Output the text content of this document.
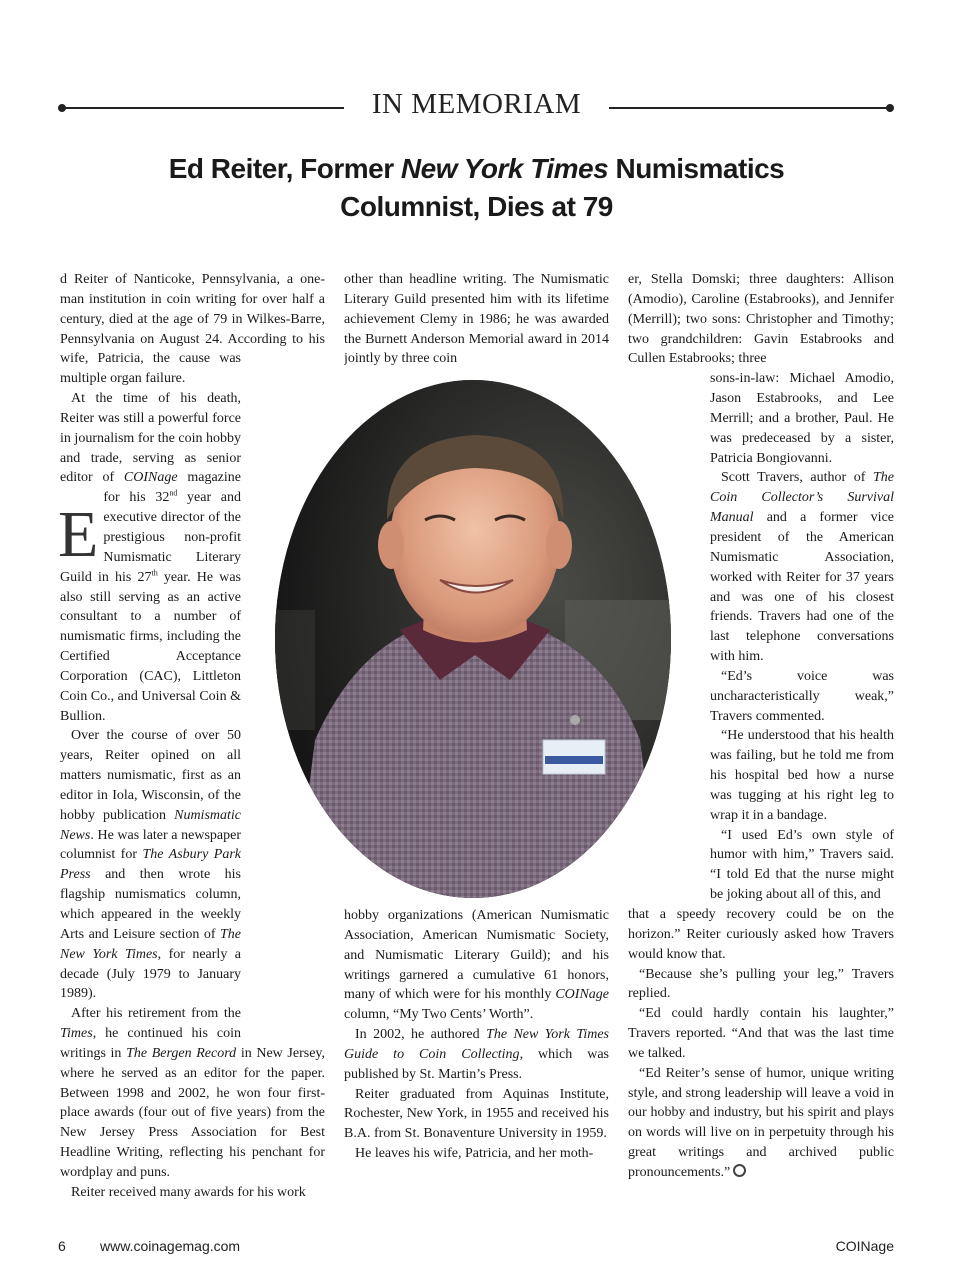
IN MEMORIAM
Ed Reiter, Former New York Times Numismatics
Columnist, Dies at 79

E
d Reiter of Nanticoke, Pennsylvania, a one-man institution in coin writing for over half a century, died at the age of 79 in Wilkes-Barre, Pennsylvania on August 24. According to his wife, Patricia, the cause was multiple organ failure.

At the time of his death, Reiter was still a powerful force in journalism for the coin hobby and trade, serving as senior editor of COINage magazine for his 32nd year and executive director of the prestigious non-profit Numismatic Literary Guild in his 27th year. He was also still serving as an active consultant to a number of numismatic firms, including the Certified Acceptance Corporation (CAC), Littleton Coin Co., and Universal Coin & Bullion.

Over the course of over 50 years, Reiter opined on all matters numismatic, first as an editor in Iola, Wisconsin, of the hobby publication Numismatic News. He was later a newspaper columnist for The Asbury Park Press and then wrote his flagship numismatics column, which appeared in the weekly Arts and Leisure section of The New York Times, for nearly a decade (July 1979 to January 1989).

After his retirement from the Times, he continued his coin writings in The Bergen Record in New Jersey, where he served as an editor for the paper. Between 1998 and 2002, he won four first-place awards (four out of five years) from the New Jersey Press Association for Best Headline Writing, reflecting his penchant for wordplay and puns.

Reiter received many awards for his work

other than headline writing. The Numismatic Literary Guild presented him with its lifetime achievement Clemy in 1986; he was awarded the Burnett Anderson Memorial award in 2014 jointly by three coin

hobby organizations (American Numismatic Association, American Numismatic Society, and Numismatic Literary Guild); and his writings garnered a cumulative 61 honors, many of which were for his monthly COINage column, “My Two Cents’ Worth”.

In 2002, he authored The New York Times Guide to Coin Collecting, which was published by St. Martin’s Press.

Reiter graduated from Aquinas Institute, Rochester, New York, in 1955 and received his B.A. from St. Bonaventure University in 1959.

He leaves his wife, Patricia, and her moth-

er, Stella Domski; three daughters: Allison (Amodio), Caroline (Estabrooks), and Jennifer (Merrill); two sons: Christopher and Timothy; two grandchildren: Gavin Estabrooks and Cullen Estabrooks; three

sons-in-law: Michael Amodio, Jason Estabrooks, and Lee Merrill; and a brother, Paul. He was predeceased by a sister, Patricia Bongiovanni.

Scott Travers, author of The Coin Collector’s Survival Manual and a former vice president of the American Numismatic Association, worked with Reiter for 37 years and was one of his closest friends. Travers had one of the last telephone conversations with him.

“Ed’s voice was uncharacteristically weak,” Travers commented.

“He understood that his health was failing, but he told me from his hospital bed how a nurse was tugging at his right leg to wrap it in a bandage.

“I used Ed’s own style of humor with him,” Travers said. “I told Ed that the nurse might be joking about all of this, and

that a speedy recovery could be on the horizon.” Reiter curiously asked how Travers would know that.

“Because she’s pulling your leg,” Travers replied.

“Ed could hardly contain his laughter,” Travers reported. “And that was the last time we talked.

“Ed Reiter’s sense of humor, unique writing style, and strong leadership will leave a void in our hobby and industry, but his spirit and plays on words will live on in perpetuity through his great writings and archived public pronouncements.”

6 www.coinagemag.com	COINage
